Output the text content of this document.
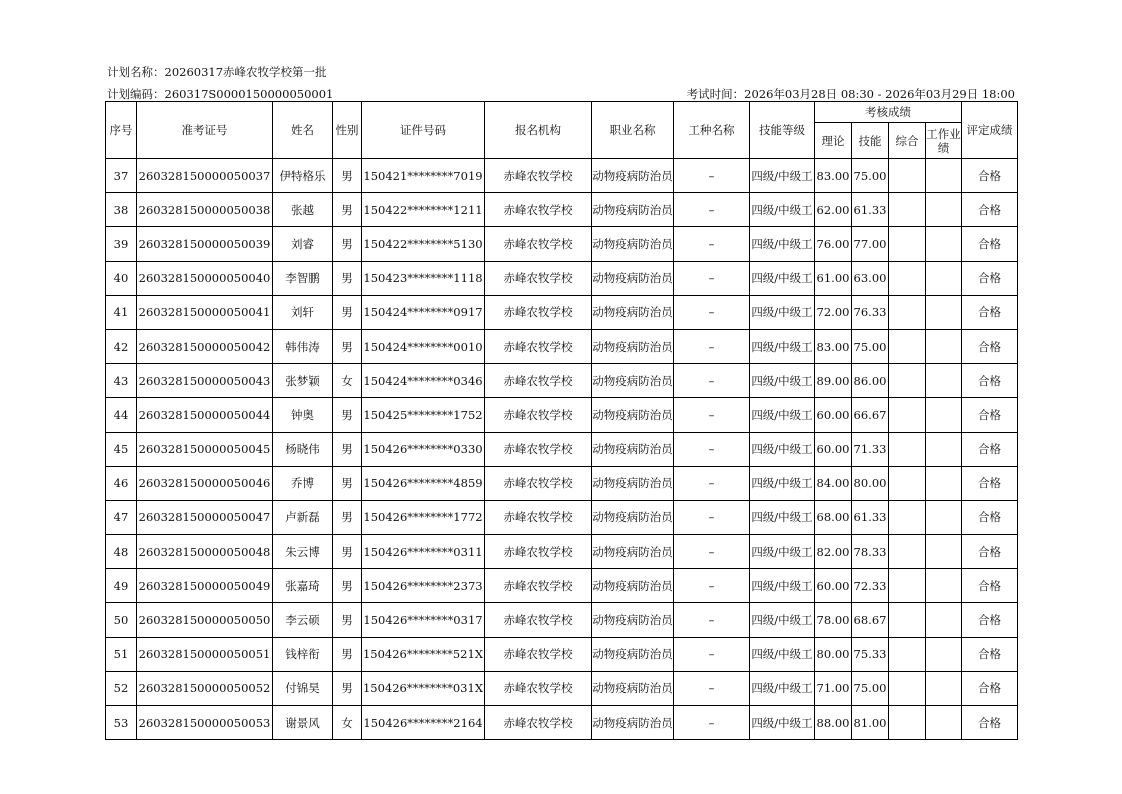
计划名称：20260317赤峰农牧学校第一批
计划编码：260317S0000150000050001	考试时间：2026年03月28日 08:30 - 2026年03月29日 18:00
序号	准考证号	姓名	性别	证件号码	报名机构	职业名称	工种名称	技能等级	考核成绩				评定成绩
									理论	技能	综合	工作业绩	
37	260328150000050037	伊特格乐	男	150421********7019	赤峰农牧学校	动物疫病防治员	–	四级/中级工	83.00	75.00			合格
38	260328150000050038	张越	男	150422********1211	赤峰农牧学校	动物疫病防治员	–	四级/中级工	62.00	61.33			合格
39	260328150000050039	刘睿	男	150422********5130	赤峰农牧学校	动物疫病防治员	–	四级/中级工	76.00	77.00			合格
40	260328150000050040	李智鹏	男	150423********1118	赤峰农牧学校	动物疫病防治员	–	四级/中级工	61.00	63.00			合格
41	260328150000050041	刘轩	男	150424********0917	赤峰农牧学校	动物疫病防治员	–	四级/中级工	72.00	76.33			合格
42	260328150000050042	韩伟涛	男	150424********0010	赤峰农牧学校	动物疫病防治员	–	四级/中级工	83.00	75.00			合格
43	260328150000050043	张梦颖	女	150424********0346	赤峰农牧学校	动物疫病防治员	–	四级/中级工	89.00	86.00			合格
44	260328150000050044	钟奥	男	150425********1752	赤峰农牧学校	动物疫病防治员	–	四级/中级工	60.00	66.67			合格
45	260328150000050045	杨晓伟	男	150426********0330	赤峰农牧学校	动物疫病防治员	–	四级/中级工	60.00	71.33			合格
46	260328150000050046	乔博	男	150426********4859	赤峰农牧学校	动物疫病防治员	–	四级/中级工	84.00	80.00			合格
47	260328150000050047	卢新磊	男	150426********1772	赤峰农牧学校	动物疫病防治员	–	四级/中级工	68.00	61.33			合格
48	260328150000050048	朱云博	男	150426********0311	赤峰农牧学校	动物疫病防治员	–	四级/中级工	82.00	78.33			合格
49	260328150000050049	张嘉琦	男	150426********2373	赤峰农牧学校	动物疫病防治员	–	四级/中级工	60.00	72.33			合格
50	260328150000050050	李云硕	男	150426********0317	赤峰农牧学校	动物疫病防治员	–	四级/中级工	78.00	68.67			合格
51	260328150000050051	钱梓衔	男	150426********521X	赤峰农牧学校	动物疫病防治员	–	四级/中级工	80.00	75.33			合格
52	260328150000050052	付锦昊	男	150426********031X	赤峰农牧学校	动物疫病防治员	–	四级/中级工	71.00	75.00			合格
53	260328150000050053	谢景风	女	150426********2164	赤峰农牧学校	动物疫病防治员	–	四级/中级工	88.00	81.00			合格
